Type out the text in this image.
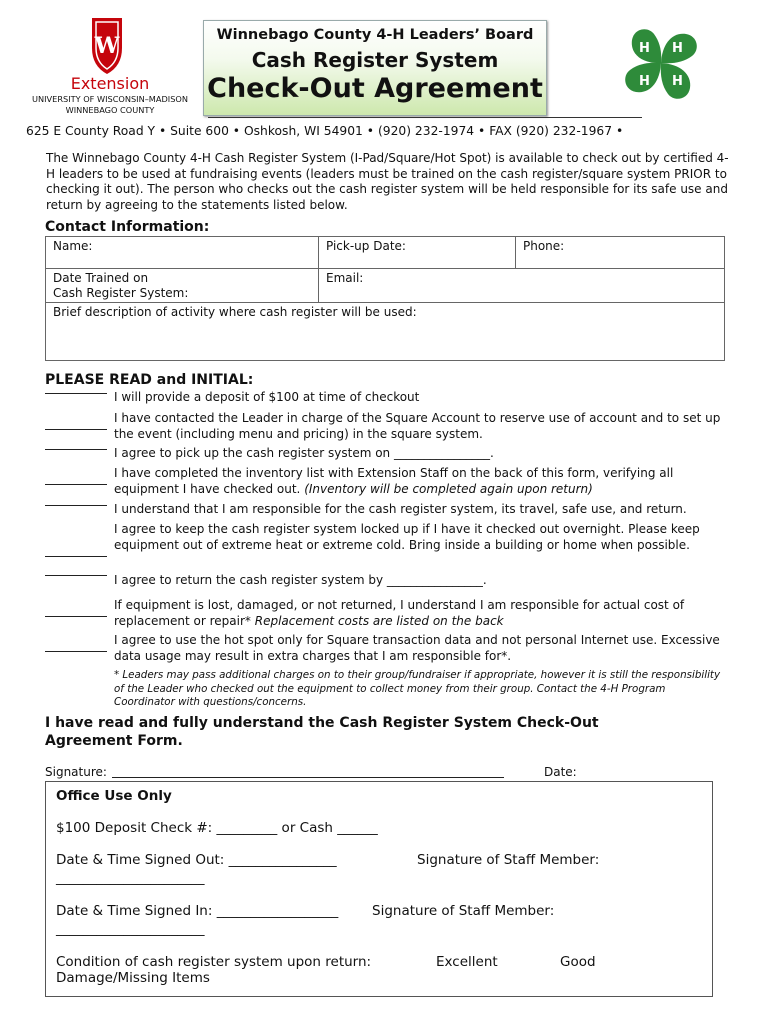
W
Extension
UNIVERSITY OF WISCONSIN–MADISON
WINNEBAGO COUNTY
Winnebago County 4-H Leaders’ Board
Cash Register System
Check-Out Agreement
H H
H
H
625 E County Road Y • Suite 600 • Oshkosh, WI 54901 • (920) 232-1974 • FAX (920) 232-1967 •
The Winnebago County 4-H Cash Register System (I-Pad/Square/Hot Spot) is available to check out by certified 4-H leaders to be used at fundraising events (leaders must be trained on the cash register/square system PRIOR to checking it out). The person who checks out the cash register system will be held responsible for its safe use and return by agreeing to the statements listed below.
Contact Information:
Name:	Pick-up Date:	Phone:

Date Trained on
Cash Register System:	Email:	
Brief description of activity where cash register will be used:		
PLEASE READ and INITIAL:
I will provide a deposit of $100 at time of checkout
I have contacted the Leader in charge of the Square Account to reserve use of account and to set up the event (including menu and pricing) in the square system.
I agree to pick up the cash register system on ________________.
I have completed the inventory list with Extension Staff on the back of this form, verifying all equipment I have checked out. (Inventory will be completed again upon return)
I understand that I am responsible for the cash register system, its travel, safe use, and return.
I agree to keep the cash register system locked up if I have it checked out overnight. Please keep equipment out of extreme heat or extreme cold. Bring inside a building or home when possible.
I agree to return the cash register system by ________________.
If equipment is lost, damaged, or not returned, I understand I am responsible for actual cost of replacement or repair* Replacement costs are listed on the back
I agree to use the hot spot only for Square transaction data and not personal Internet use. Excessive data usage may result in extra charges that I am responsible for*.
* Leaders may pass additional charges on to their group/fundraiser if appropriate, however it is still the responsibility of the Leader who checked out the equipment to collect money from their group. Contact the 4-H Program Coordinator with questions/concerns.
I have read and fully understand the Cash Register System Check-Out Agreement Form.
Signature:	Date:
Office Use Only
$100 Deposit Check #: _________ or Cash ______
Date & Time Signed Out: ________________	Signature of Staff Member:
______________________
Date & Time Signed In: __________________	Signature of Staff Member:
______________________
Condition of cash register system upon return:	Excellent	Good
Damage/Missing Items
